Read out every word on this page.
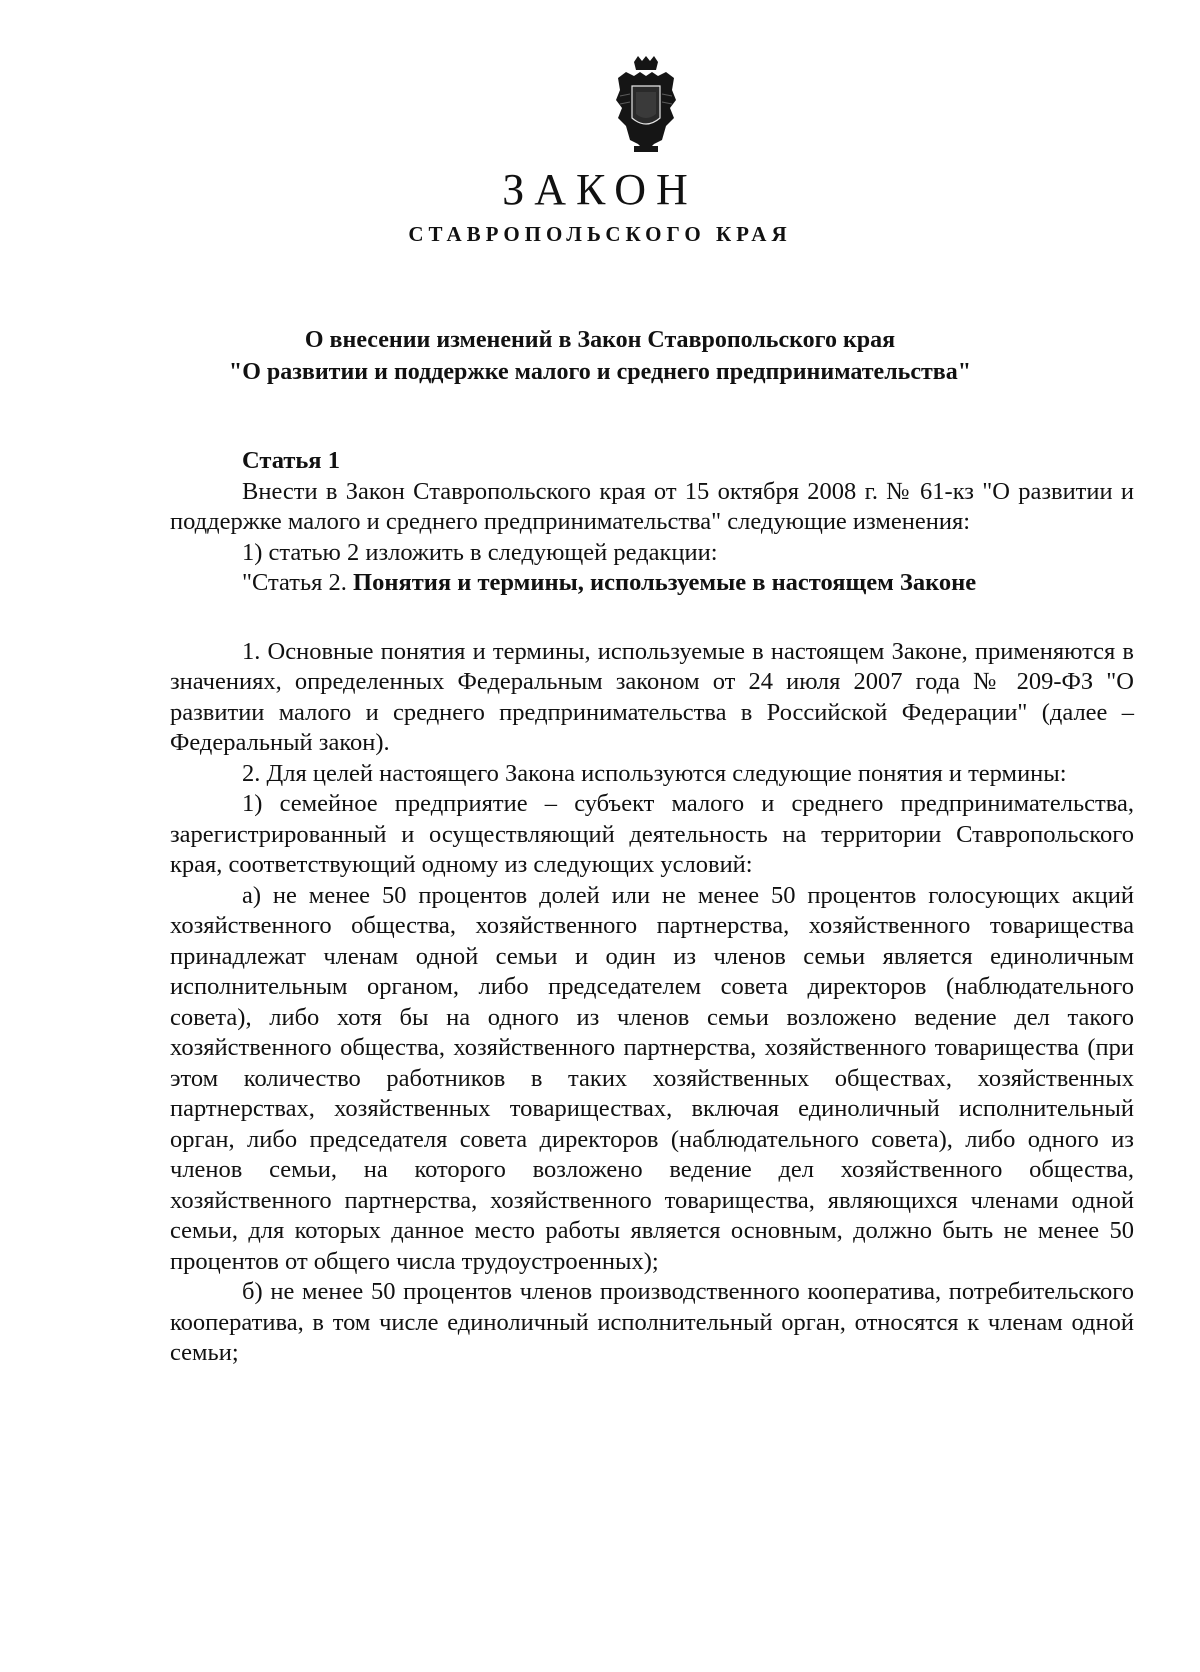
ЗАКОН
СТАВРОПОЛЬСКОГО КРАЯ
О внесении изменений в Закон Ставропольского края
"О развитии и поддержке малого и среднего предпринимательства"

Статья 1

Внести в Закон Ставропольского края от 15 октября 2008 г. № 61-кз "О развитии и поддержке малого и среднего предпринимательства" следующие изменения:

1) статью 2 изложить в следующей редакции:

"Статья 2. Понятия и термины, используемые в настоящем Законе

1. Основные понятия и термины, используемые в настоящем Законе, применяются в значениях, определенных Федеральным законом от 24 июля 2007 года № 209-ФЗ "О развитии малого и среднего предпринимательства в Российской Федерации" (далее – Федеральный закон).

2. Для целей настоящего Закона используются следующие понятия и термины:

1) семейное предприятие – субъект малого и среднего предпринимательства, зарегистрированный и осуществляющий деятельность на территории Ставропольского края, соответствующий одному из следующих условий:

а) не менее 50 процентов долей или не менее 50 процентов голосующих акций хозяйственного общества, хозяйственного партнерства, хозяйственного товарищества принадлежат членам одной семьи и один из членов семьи является единоличным исполнительным органом, либо председателем совета директоров (наблюдательного совета), либо хотя бы на одного из членов семьи возложено ведение дел такого хозяйственного общества, хозяйственного партнерства, хозяйственного товарищества (при этом количество работников в таких хозяйственных обществах, хозяйственных партнерствах, хозяйственных товариществах, включая единоличный исполнительный орган, либо председателя совета директоров (наблюдательного совета), либо одного из членов семьи, на которого возложено ведение дел хозяйственного общества, хозяйственного партнерства, хозяйственного товарищества, являющихся членами одной семьи, для которых данное место работы является основным, должно быть не менее 50 процентов от общего числа трудоустроенных);

б) не менее 50 процентов членов производственного кооператива, потребительского кооператива, в том числе единоличный исполнительный орган, относятся к членам одной семьи;
